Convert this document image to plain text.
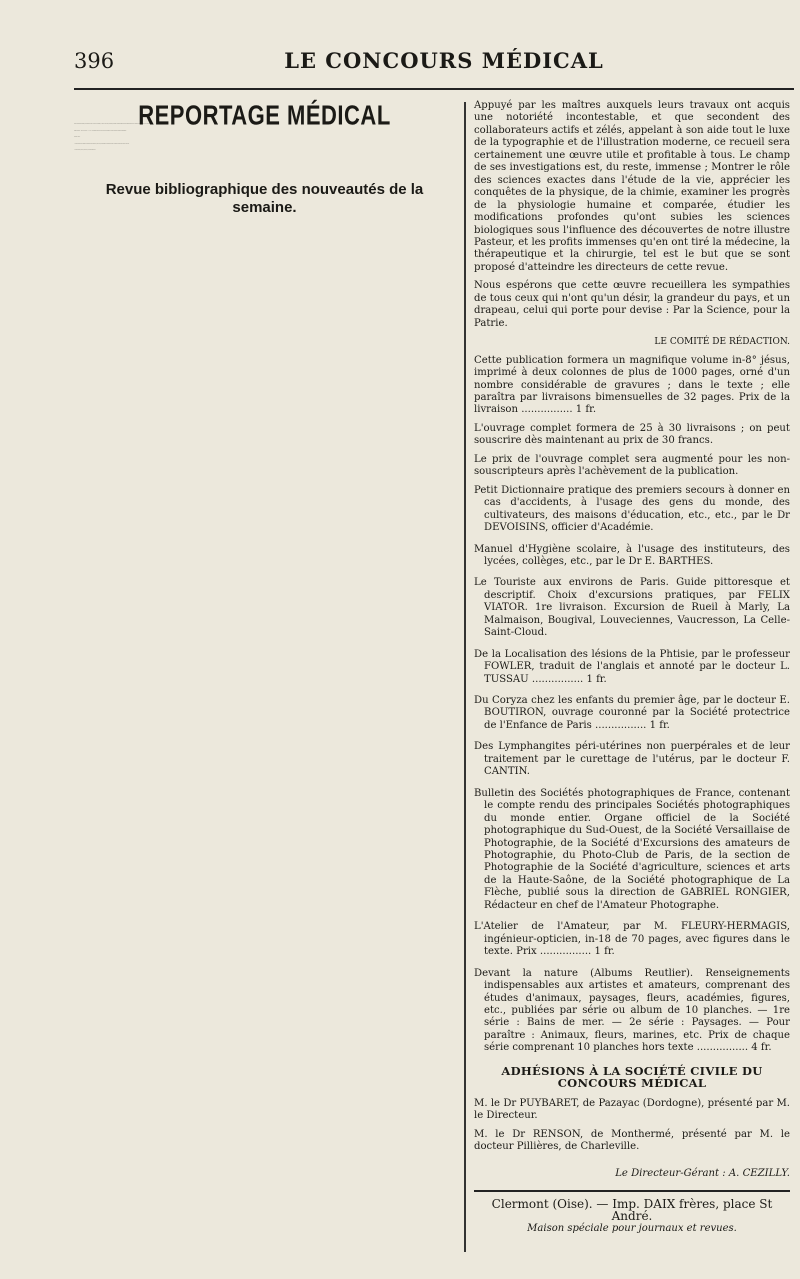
396	LE CONCOURS MÉDICAL
REPORTAGE MÉDICAL

Revue bibliographique des nouveautés de la semaine.

Appuyé par les maîtres auxquels leurs travaux ont acquis une notoriété incontestable, et que secondent des collaborateurs actifs et zélés, appelant à son aide tout le luxe de la typographie et de l'illustration moderne, ce recueil sera certainement une œuvre utile et profitable à tous. Le champ de ses investigations est, du reste, immense ; Montrer le rôle des sciences exactes dans l'étude de la vie, apprécier les conquêtes de la physique, de la chimie, examiner les progrès de la physiologie humaine et comparée, étudier les modifications profondes qu'ont subies les sciences biologiques sous l'influence des découvertes de notre illustre Pasteur, et les profits immenses qu'en ont tiré la médecine, la thérapeutique et la chirurgie, tel est le but que se sont proposé d'atteindre les directeurs de cette revue.

Nous espérons que cette œuvre recueillera les sympathies de tous ceux qui n'ont qu'un désir, la grandeur du pays, et un drapeau, celui qui porte pour devise : Par la Science, pour la Patrie.

LE COMITÉ DE RÉDACTION.

Cette publication formera un magnifique volume in-8° jésus, imprimé à deux colonnes de plus de 1000 pages, orné d'un nombre considérable de gravures ; dans le texte ; elle paraîtra par livraisons bimensuelles de 32 pages. Prix de la livraison ................ 1 fr.

L'ouvrage complet formera de 25 à 30 livraisons ; on peut souscrire dès maintenant au prix de 30 francs.

Le prix de l'ouvrage complet sera augmenté pour les non-souscripteurs après l'achèvement de la publication.

Petit Dictionnaire pratique des premiers secours à donner en cas d'accidents, à l'usage des gens du monde, des cultivateurs, des maisons d'éducation, etc., etc., par le Dr DEVOISINS, officier d'Académie.

Manuel d'Hygiène scolaire, à l'usage des instituteurs, des lycées, collèges, etc., par le Dr E. BARTHES.

Le Touriste aux environs de Paris. Guide pittoresque et descriptif. Choix d'excursions pratiques, par FELIX VIATOR. 1re livraison. Excursion de Rueil à Marly, La Malmaison, Bougival, Louveciennes, Vaucresson, La Celle-Saint-Cloud.

De la Localisation des lésions de la Phtisie, par le professeur FOWLER, traduit de l'anglais et annoté par le docteur L. TUSSAU ................ 1 fr.

Du Coryza chez les enfants du premier âge, par le docteur E. BOUTIRON, ouvrage couronné par la Société protectrice de l'Enfance de Paris ................ 1 fr.

Des Lymphangites péri-utérines non puerpérales et de leur traitement par le curettage de l'utérus, par le docteur F. CANTIN.

Bulletin des Sociétés photographiques de France, contenant le compte rendu des principales Sociétés photographiques du monde entier. Organe officiel de la Société photographique du Sud-Ouest, de la Société Versaillaise de Photographie, de la Société d'Excursions des amateurs de Photographie, du Photo-Club de Paris, de la section de Photographie de la Société d'agriculture, sciences et arts de la Haute-Saône, de la Société photographique de La Flèche, publié sous la direction de GABRIEL RONGIER, Rédacteur en chef de l'Amateur Photographe.

L'Atelier de l'Amateur, par M. FLEURY-HERMAGIS, ingénieur-opticien, in-18 de 70 pages, avec figures dans le texte. Prix ................ 1 fr.

Devant la nature (Albums Reutlier). Renseignements indispensables aux artistes et amateurs, comprenant des études d'animaux, paysages, fleurs, académies, figures, etc., publiées par série ou album de 10 planches. — 1re série : Bains de mer. — 2e série : Paysages. — Pour paraître : Animaux, fleurs, marines, etc. Prix de chaque série comprenant 10 planches hors texte ................ 4 fr.

ADHÉSIONS À LA SOCIÉTÉ CIVILE DU CONCOURS MÉDICAL

M. le Dr PUYBARET, de Pazayac (Dordogne), présenté par M. le Directeur.

M. le Dr RENSON, de Monthermé, présenté par M. le docteur Pillières, de Charleville.

Le Directeur-Gérant : A. CEZILLY.

Clermont (Oise). — Imp. DAIX frères, place St André.
Maison spéciale pour journaux et revues.
